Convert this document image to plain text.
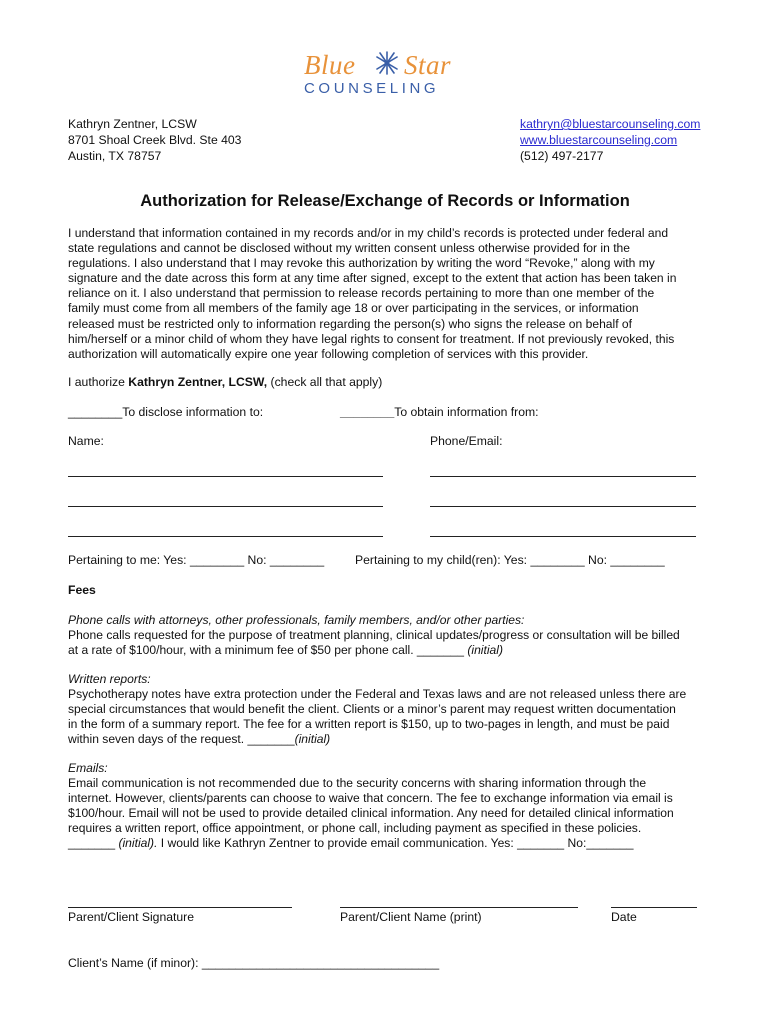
Blue Star
COUNSELING
Kathryn Zentner, LCSW
8701 Shoal Creek Blvd. Ste 403
Austin, TX 78757
kathryn@bluestarcounseling.com
www.bluestarcounseling.com
(512) 497-2177
Authorization for Release/Exchange of Records or Information
I understand that information contained in my records and/or in my child’s records is protected under federal and
state regulations and cannot be disclosed without my written consent unless otherwise provided for in the
regulations. I also understand that I may revoke this authorization by writing the word “Revoke,” along with my
signature and the date across this form at any time after signed, except to the extent that action has been taken in
reliance on it. I also understand that permission to release records pertaining to more than one member of the
family must come from all members of the family age 18 or over participating in the services, or information
released must be restricted only to information regarding the person(s) who signs the release on behalf of
him/herself or a minor child of whom they have legal rights to consent for treatment. If not previously revoked, this
authorization will automatically expire one year following completion of services with this provider.
I authorize Kathryn Zentner, LCSW, (check all that apply)
________To disclose information to:	________To obtain information from:
Name:	Phone/Email:
Pertaining to me: Yes: ________ No: ________	Pertaining to my child(ren): Yes: ________ No: ________
Fees
Phone calls with attorneys, other professionals, family members, and/or other parties:
Phone calls requested for the purpose of treatment planning, clinical updates/progress or consultation will be billed
at a rate of $100/hour, with a minimum fee of $50 per phone call. _______ (initial)
Written reports:
Psychotherapy notes have extra protection under the Federal and Texas laws and are not released unless there are
special circumstances that would benefit the client. Clients or a minor’s parent may request written documentation
in the form of a summary report. The fee for a written report is $150, up to two-pages in length, and must be paid
within seven days of the request. _______(initial)
Emails:
Email communication is not recommended due to the security concerns with sharing information through the
internet. However, clients/parents can choose to waive that concern. The fee to exchange information via email is
$100/hour. Email will not be used to provide detailed clinical information. Any need for detailed clinical information
requires a written report, office appointment, or phone call, including payment as specified in these policies.
_______ (initial). I would like Kathryn Zentner to provide email communication. Yes: _______ No:_______
Parent/Client Signature	Parent/Client Name (print)	Date
Client’s Name (if minor): ___________________________________
